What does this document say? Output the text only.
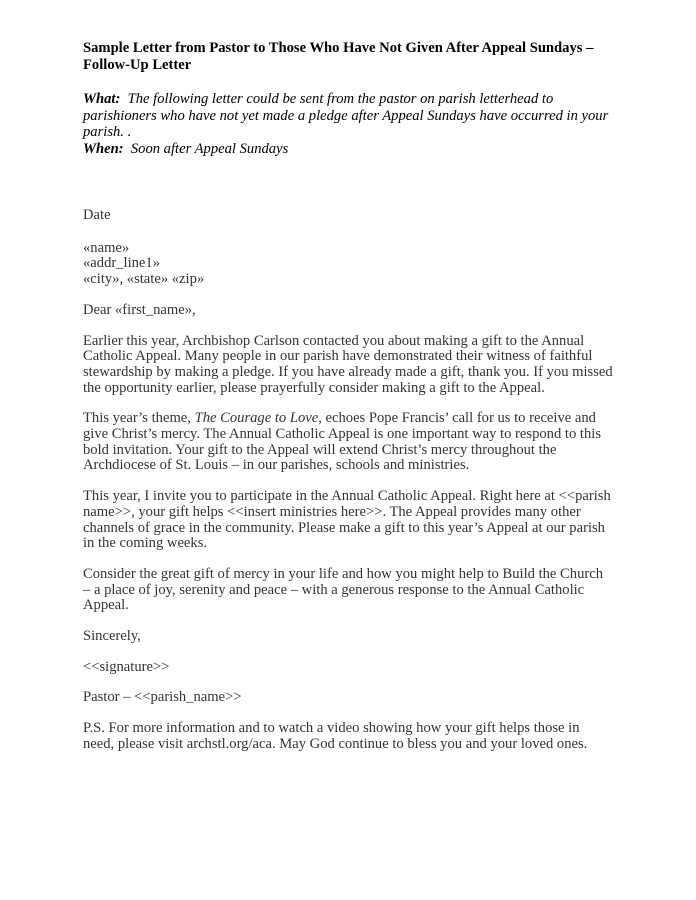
Sample Letter from Pastor to Those Who Have Not Given After Appeal Sundays – Follow-Up Letter

What: The following letter could be sent from the pastor on parish letterhead to parishioners who have not yet made a pledge after Appeal Sundays have occurred in your parish. .
When: Soon after Appeal Sundays

Date

«name»
«addr_line1»
«city», «state» «zip»

Dear «first_name»,

Earlier this year, Archbishop Carlson contacted you about making a gift to the Annual Catholic Appeal. Many people in our parish have demonstrated their witness of faithful stewardship by making a pledge. If you have already made a gift, thank you. If you missed the opportunity earlier, please prayerfully consider making a gift to the Appeal.

This year’s theme, The Courage to Love, echoes Pope Francis’ call for us to receive and give Christ’s mercy. The Annual Catholic Appeal is one important way to respond to this bold invitation. Your gift to the Appeal will extend Christ’s mercy throughout the Archdiocese of St. Louis – in our parishes, schools and ministries.

This year, I invite you to participate in the Annual Catholic Appeal. Right here at <<parish name>>, your gift helps <<insert ministries here>>. The Appeal provides many other channels of grace in the community. Please make a gift to this year’s Appeal at our parish in the coming weeks.

Consider the great gift of mercy in your life and how you might help to Build the Church – a place of joy, serenity and peace – with a generous response to the Annual Catholic Appeal.

Sincerely,

<<signature>>

Pastor – <<parish_name>>

P.S. For more information and to watch a video showing how your gift helps those in need, please visit archstl.org/aca. May God continue to bless you and your loved ones.
